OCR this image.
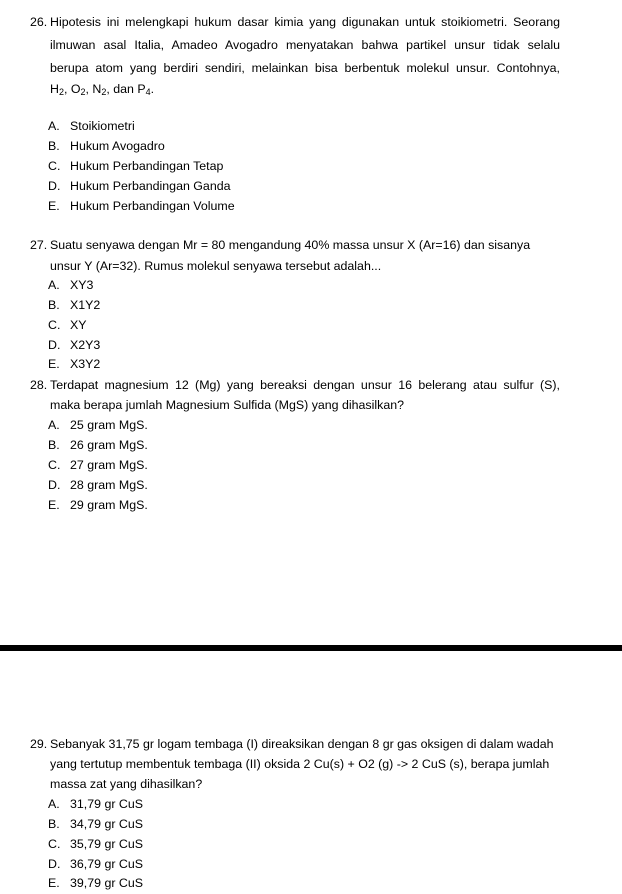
26. Hipotesis ini melengkapi hukum dasar kimia yang digunakan untuk stoikiometri. Seorang
ilmuwan asal Italia, Amadeo Avogadro menyatakan bahwa partikel unsur tidak selalu
berupa atom yang berdiri sendiri, melainkan bisa berbentuk molekul unsur. Contohnya,
$H_2$, $O_2$, $N_2$, dan $P_4$.
A. Stoikiometri
B. Hukum Avogadro
C. Hukum Perbandingan Tetap
D. Hukum Perbandingan Ganda
E. Hukum Perbandingan Volume
27. Suatu senyawa dengan Mr = 80 mengandung 40% massa unsur X (Ar=16) dan sisanya
unsur Y (Ar=32). Rumus molekul senyawa tersebut adalah...
A. XY3
B. X1Y2
C. XY
D. X2Y3
E. X3Y2
28. Terdapat magnesium 12 (Mg) yang bereaksi dengan unsur 16 belerang atau sulfur (S),
maka berapa jumlah Magnesium Sulfida (MgS) yang dihasilkan?
A. 25 gram MgS.
B. 26 gram MgS.
C. 27 gram MgS.
D. 28 gram MgS.
E. 29 gram MgS.
29. Sebanyak 31,75 gr logam tembaga (I) direaksikan dengan 8 gr gas oksigen di dalam wadah
yang tertutup membentuk tembaga (II) oksida 2 Cu(s) + O2 (g) -> 2 CuS (s), berapa jumlah
massa zat yang dihasilkan?
A. 31,79 gr CuS
B. 34,79 gr CuS
C. 35,79 gr CuS
D. 36,79 gr CuS
E. 39,79 gr CuS
